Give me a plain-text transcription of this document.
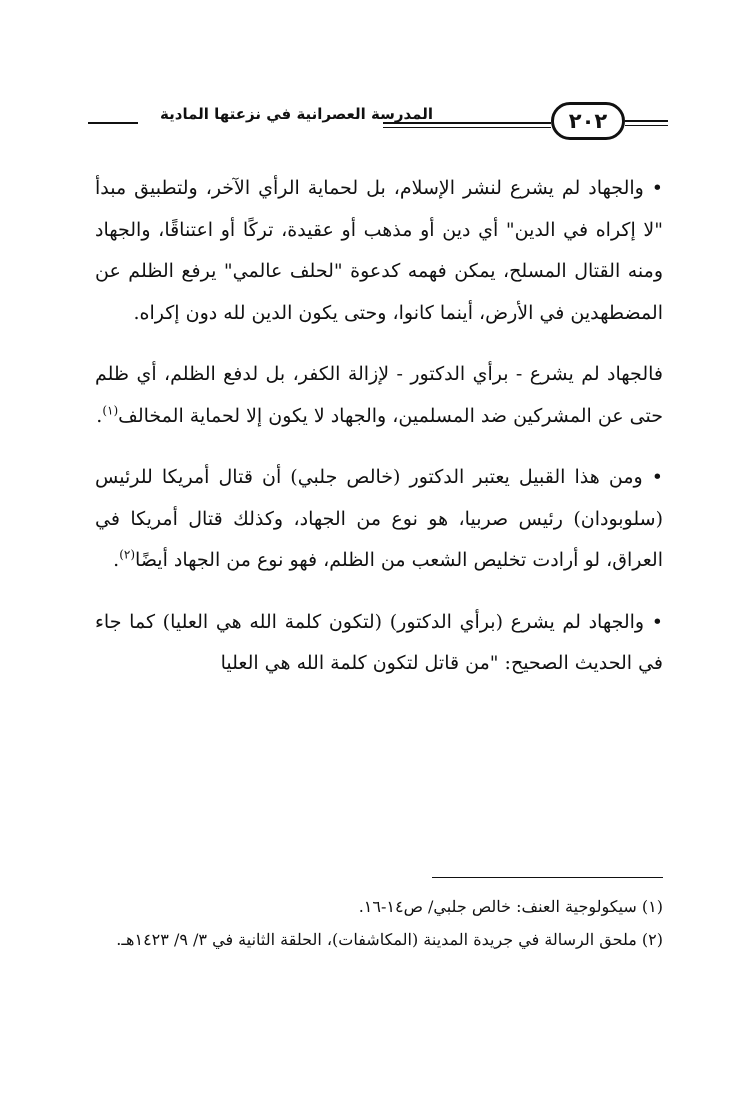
المدرسة العصرانية في نزعتها المادية	٢٠٢

• والجهاد لم يشرع لنشر الإسلام، بل لحماية الرأي الآخر، ولتطبيق مبدأ "لا إكراه في الدين" أي دين أو مذهب أو عقيدة، تركًا أو اعتناقًا، والجهاد ومنه القتال المسلح، يمكن فهمه كدعوة "لحلف عالمي" يرفع الظلم عن المضطهدين في الأرض، أينما كانوا، وحتى يكون الدين لله دون إكراه.

فالجهاد لم يشرع - برأي الدكتور - لإزالة الكفر، بل لدفع الظلم، أي ظلم حتى عن المشركين ضد المسلمين، والجهاد لا يكون إلا لحماية المخالف$^{(١)}$.

• ومن هذا القبيل يعتبر الدكتور (خالص جلبي) أن قتال أمريكا للرئيس (سلوبودان) رئيس صربيا، هو نوع من الجهاد، وكذلك قتال أمريكا في العراق، لو أرادت تخليص الشعب من الظلم، فهو نوع من الجهاد أيضًا$^{(٢)}$.

• والجهاد لم يشرع (برأي الدكتور) (لتكون كلمة الله هي العليا) كما جاء في الحديث الصحيح: "من قاتل لتكون كلمة الله هي العليا

(١) سيكولوجية العنف: خالص جلبي/ ص١٤-١٦.

(٢) ملحق الرسالة في جريدة المدينة (المكاشفات)، الحلقة الثانية في ٣/ ٩/ ١٤٢٣هـ.
